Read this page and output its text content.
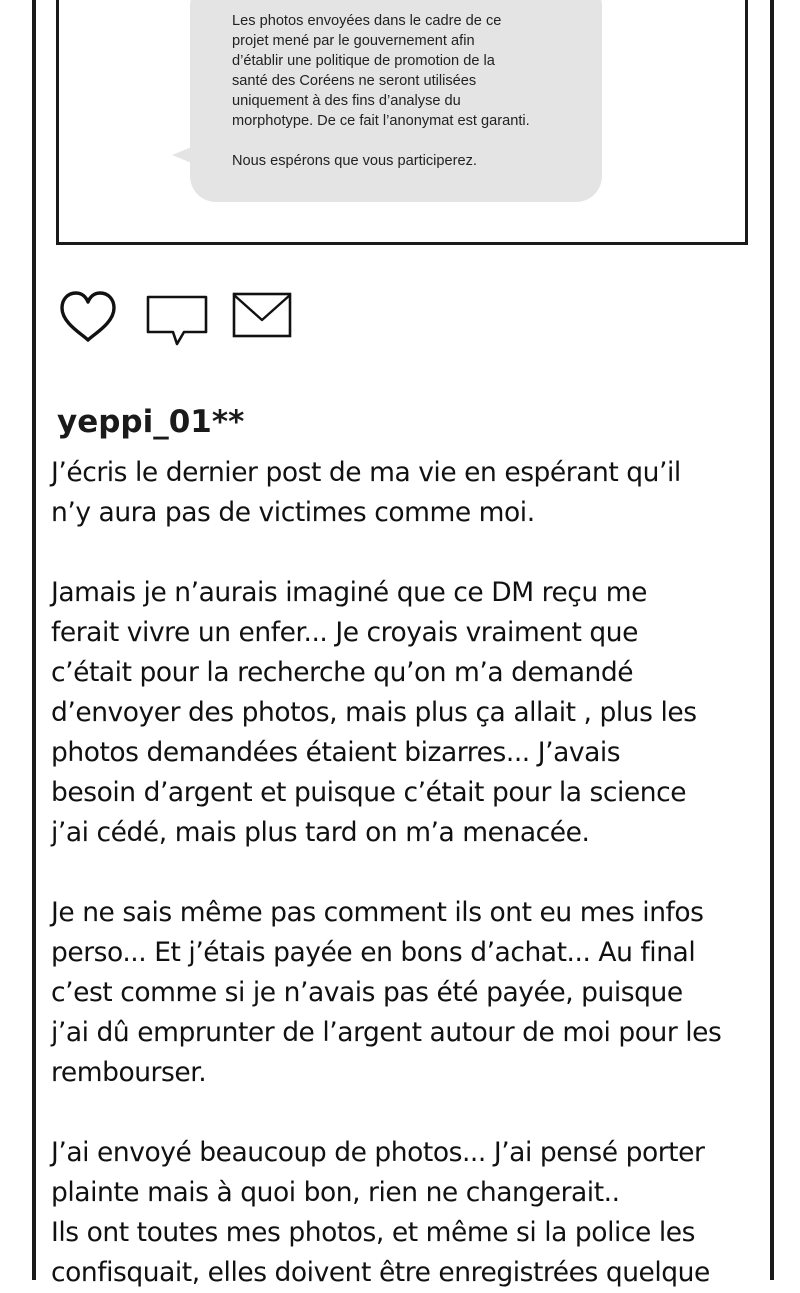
Les photos envoyées dans le cadre de ce
projet mené par le gouvernement afin
d’établir une politique de promotion de la
santé des Coréens ne seront utilisées
uniquement à des fins d’analyse du
morphotype. De ce fait l’anonymat est garanti.

Nous espérons que vous participerez.

yeppi_01**

J’écris le dernier post de ma vie en espérant qu’il
n’y aura pas de victimes comme moi.

Jamais je n’aurais imaginé que ce DM reçu me
ferait vivre un enfer... Je croyais vraiment que
c’était pour la recherche qu’on m’a demandé
d’envoyer des photos, mais plus ça allait , plus les
photos demandées étaient bizarres... J’avais
besoin d’argent et puisque c’était pour la science
j’ai cédé, mais plus tard on m’a menacée.

Je ne sais même pas comment ils ont eu mes infos
perso... Et j’étais payée en bons d’achat... Au final
c’est comme si je n’avais pas été payée, puisque
j’ai dû emprunter de l’argent autour de moi pour les
rembourser.

J’ai envoyé beaucoup de photos... J’ai pensé porter
plainte mais à quoi bon, rien ne changerait..
Ils ont toutes mes photos, et même si la police les
confisquait, elles doivent être enregistrées quelque
